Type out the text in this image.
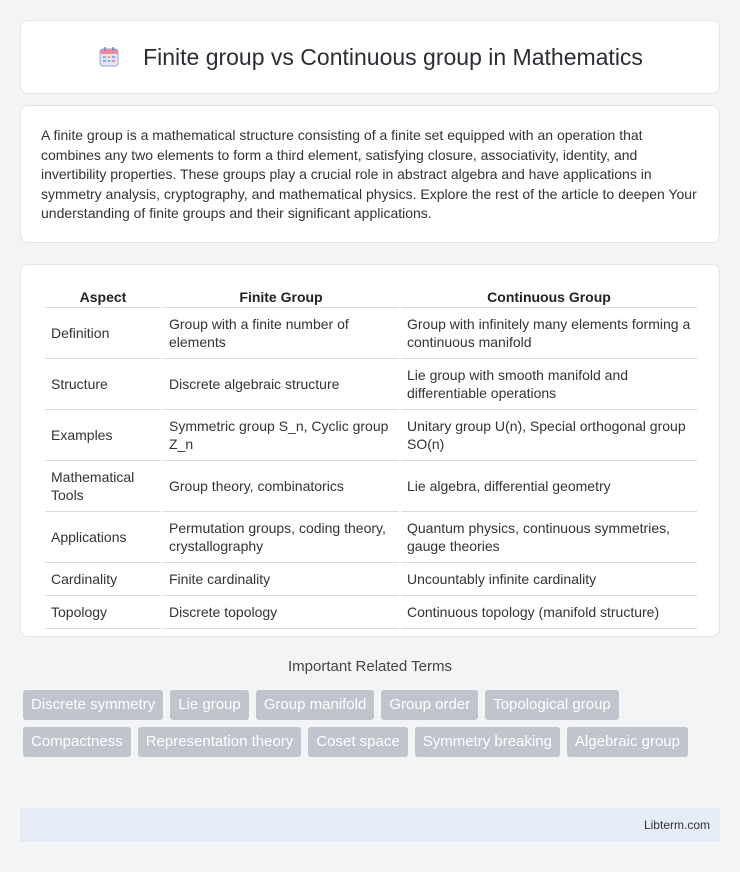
Finite group vs Continuous group in Mathematics

A finite group is a mathematical structure consisting of a finite set equipped with an operation that combines any two elements to form a third element, satisfying closure, associativity, identity, and invertibility properties. These groups play a crucial role in abstract algebra and have applications in symmetry analysis, cryptography, and mathematical physics. Explore the rest of the article to deepen Your understanding of finite groups and their significant applications.

Aspect	Finite Group	Continuous Group
Definition	Group with a finite number of elements	Group with infinitely many elements forming a continuous manifold
Structure	Discrete algebraic structure	Lie group with smooth manifold and differentiable operations
Examples	Symmetric group S_n, Cyclic group Z_n	Unitary group U(n), Special orthogonal group SO(n)
Mathematical Tools	Group theory, combinatorics	Lie algebra, differential geometry
Applications	Permutation groups, coding theory, crystallography	Quantum physics, continuous symmetries, gauge theories
Cardinality	Finite cardinality	Uncountably infinite cardinality
Topology	Discrete topology	Continuous topology (manifold structure)
Important Related Terms
Discrete symmetry	Lie group	Group manifold	Group order	Topological group
Compactness	Representation theory	Coset space	Symmetry breaking	Algebraic group
Libterm.com
